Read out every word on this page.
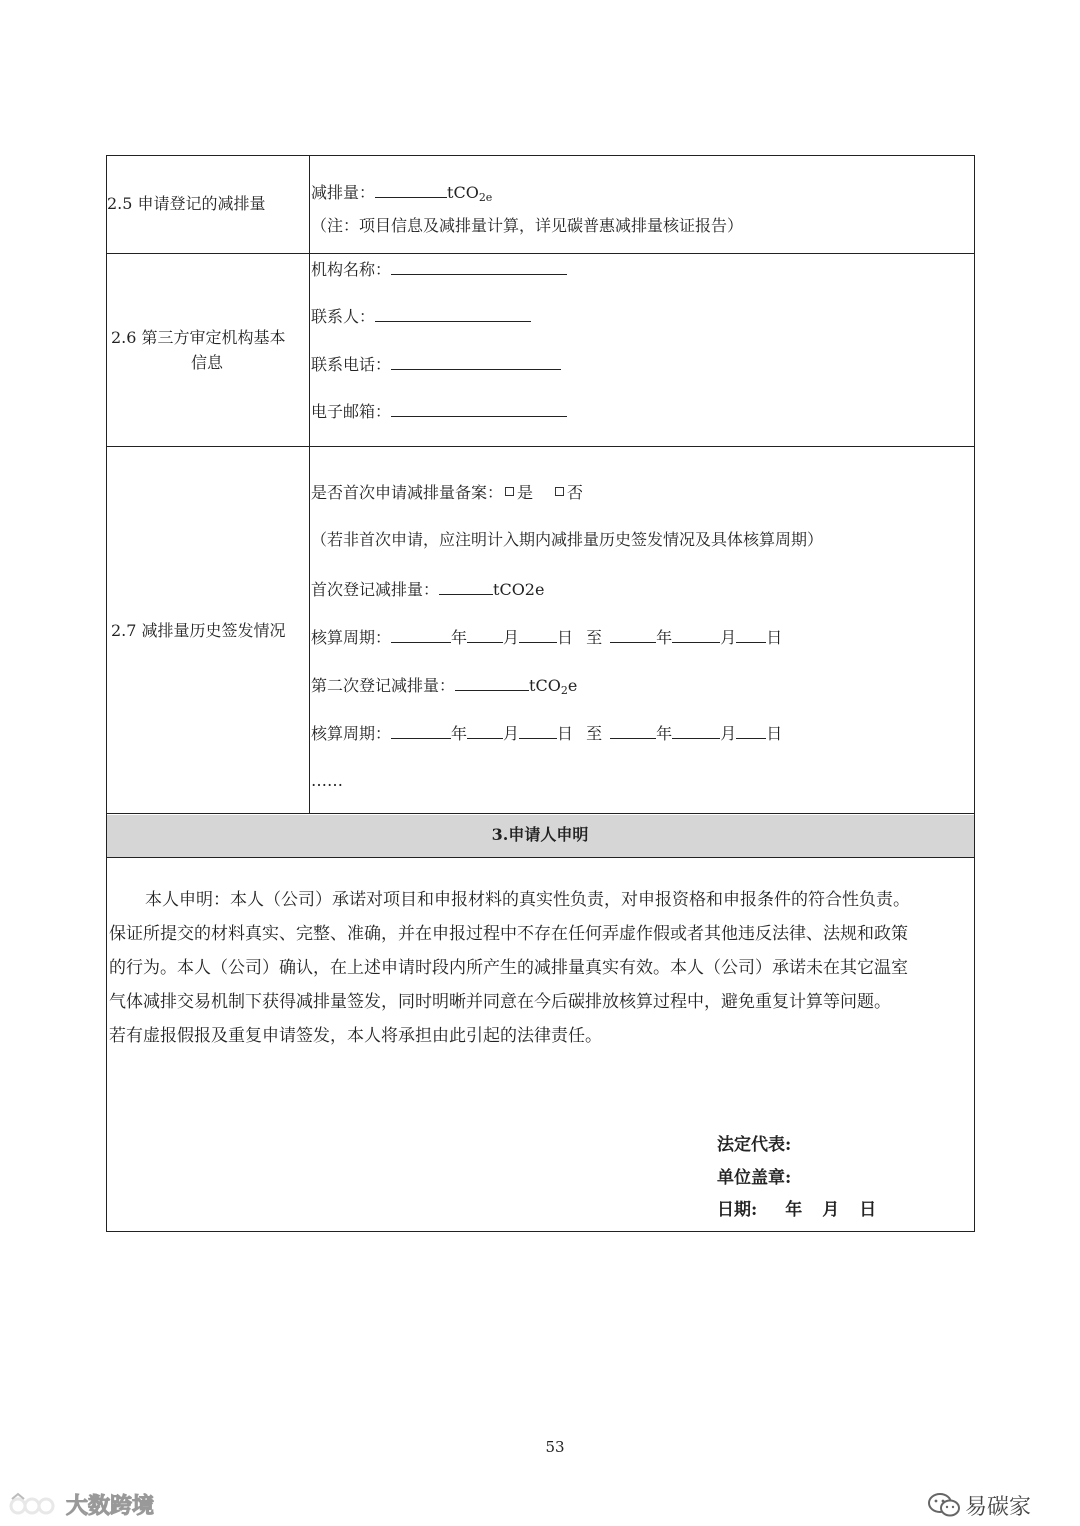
2.5 申请登记的减排量
减排量：	tCO$_{2e}$
（注：项目信息及减排量计算，详见碳普惠减排量核证报告）
2.6 第三方审定机构基本
信息
机构名称：
联系人：
联系电话：
电子邮箱：
2.7 减排量历史签发情况
是否首次申请减排量备案： 是 否
（若非首次申请，应注明计入期内减排量历史签发情况及具体核算周期）
首次登记减排量：	tCO2e
核算周期：	年 月 日 至	年	月 日
第二次登记减排量：	tCO$_2$e
核算周期：	年 月 日 至	年	月 日
……
3.申请人申明

本人申明：本人（公司）承诺对项目和申报材料的真实性负责，对申报资格和申报条件的符合性负责。

保证所提交的材料真实、完整、准确，并在申报过程中不存在任何弄虚作假或者其他违反法律、法规和政策

的行为。本人（公司）确认，在上述申请时段内所产生的减排量真实有效。本人（公司）承诺未在其它温室

气体减排交易机制下获得减排量签发，同时明晰并同意在今后碳排放核算过程中，避免重复计算等问题。

若有虚报假报及重复申请签发，本人将承担由此引起的法律责任。

法定代表:
单位盖章:
日期: 年 月 日
53
大数跨境	易碳家
